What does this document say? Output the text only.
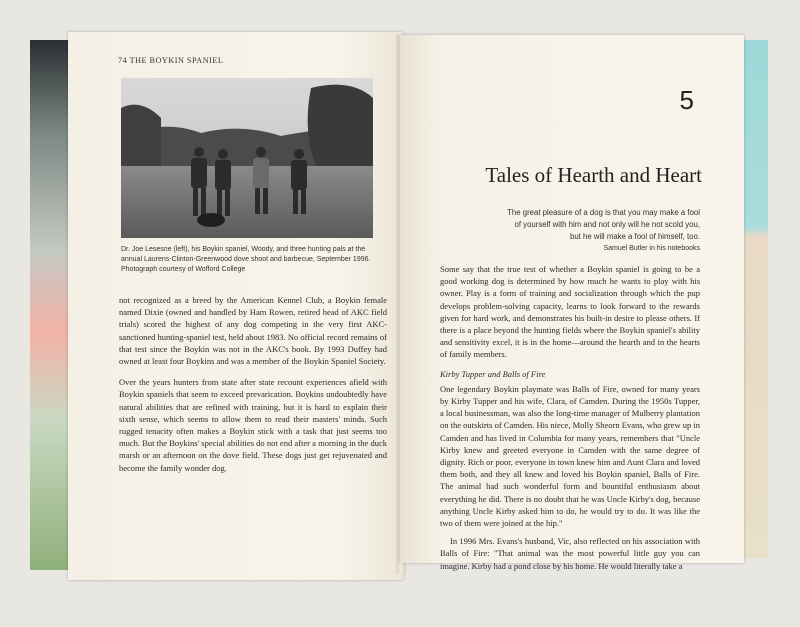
74 THE BOYKIN SPANIEL
Dr. Joe Lesesne (left), his Boykin spaniel, Woody, and three hunting pals at the annual Laurens-Clinton-Greenwood dove shoot and barbecue, September 1996. Photograph courtesy of Wofford College

not recognized as a breed by the American Kennel Club, a Boykin female named Dixie (owned and handled by Ham Rowen, retired head of AKC field trials) scored the highest of any dog competing in the very first AKC-sanctioned hunting-spaniel test, held about 1983. No official record remains of that test since the Boykin was not in the AKC's book. By 1993 Duffey had owned at least four Boykins and was a member of the Boykin Spaniel Society.

Over the years hunters from state after state recount experiences afield with Boykin spaniels that seem to exceed prevarication. Boykins undoubtedly have natural abilities that are refined with training, but it is hard to explain their sixth sense, which seems to allow them to read their masters' minds. Such rugged tenacity often makes a Boykin stick with a task that just seems too much. But the Boykins' special abilities do not end after a morning in the duck marsh or an afternoon on the dove field. These dogs just get rejuvenated and become the family wonder dog.

5
Tales of Hearth and Heart
The great pleasure of a dog is that you may make a fool
of yourself with him and not only will he not scold you,
but he will make a fool of himself, too.
Samuel Butler in his notebooks

Some say that the true test of whether a Boykin spaniel is going to be a good working dog is determined by how much he wants to play with his owner. Play is a form of training and socialization through which the pup develops problem-solving capacity, learns to look forward to the rewards given for hard work, and demonstrates his built-in desire to please others. If there is a place beyond the hunting fields where the Boykin spaniel's ability and sensitivity excel, it is in the home—around the hearth and in the hearts of family members.

Kirby Tupper and Balls of Fire

One legendary Boykin playmate was Balls of Fire, owned for many years by Kirby Tupper and his wife, Clara, of Camden. During the 1950s Tupper, a local businessman, was also the long-time manager of Mulberry plantation on the outskirts of Camden. His niece, Molly Sheorn Evans, who grew up in Camden and has lived in Columbia for many years, remembers that "Uncle Kirby knew and greeted everyone in Camden with the same degree of dignity. Rich or poor, everyone in town knew him and Aunt Clara and loved them both, and they all knew and loved his Boykin spaniel, Balls of Fire. The animal had such wonderful form and bountiful enthusiasm about everything he did. There is no doubt that he was Uncle Kirby's dog, because anything Uncle Kirby asked him to do, he would try to do. It was like the two of them were joined at the hip."

In 1996 Mrs. Evans's husband, Vic, also reflected on his association with Balls of Fire: "That animal was the most powerful little guy you can imagine. Kirby had a pond close by his home. He would literally take a
